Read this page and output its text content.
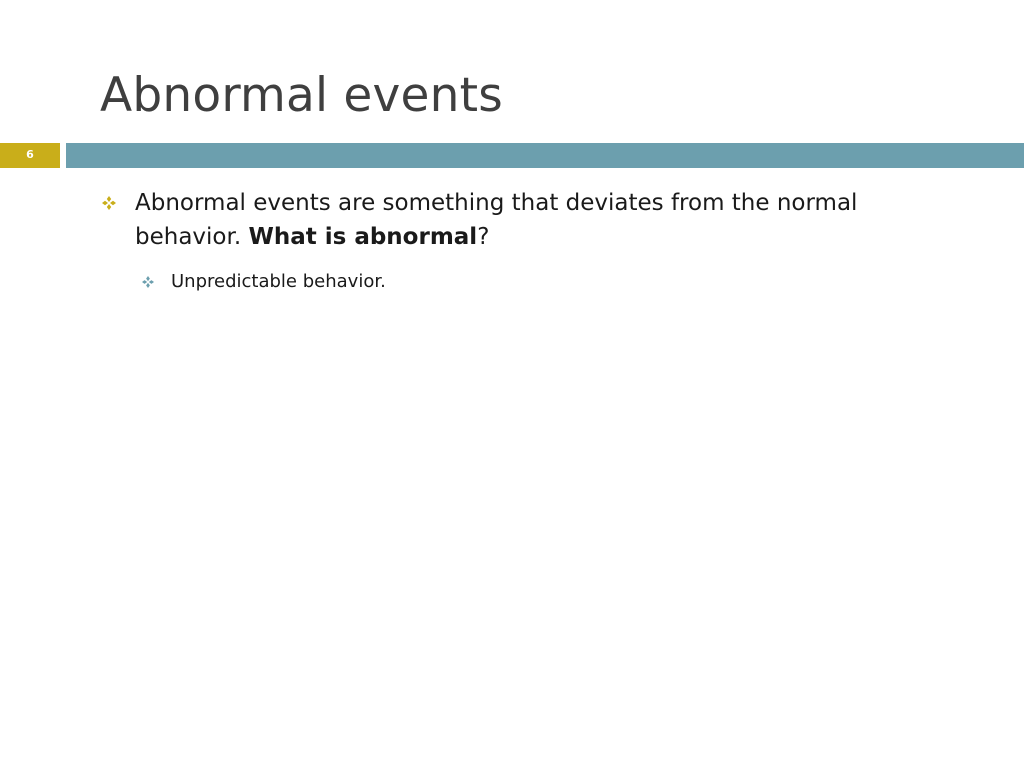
Abnormal events
6
Abnormal events are something that deviates from the normal behavior. What is abnormal?
Unpredictable behavior.
